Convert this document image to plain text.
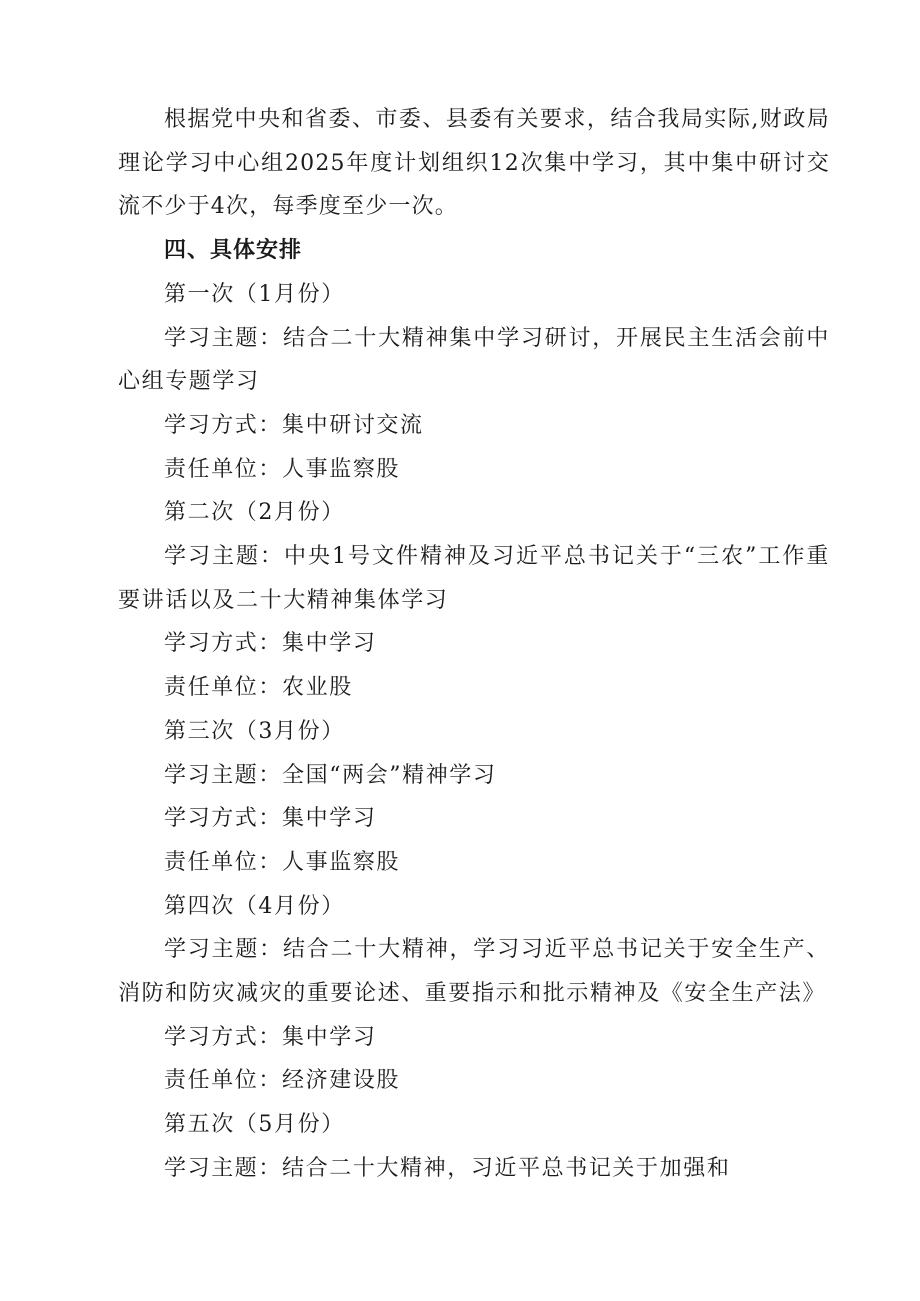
根据党中央和省委、市委、县委有关要求，结合我局实际,财政局理论学习中心组2025年度计划组织12次集中学习，其中集中研讨交流不少于4次，每季度至少一次。

四、具体安排

第一次（1月份）

学习主题：结合二十大精神集中学习研讨，开展民主生活会前中心组专题学习

学习方式：集中研讨交流

责任单位：人事监察股

第二次（2月份）

学习主题：中央1号文件精神及习近平总书记关于“三农”工作重要讲话以及二十大精神集体学习

学习方式：集中学习

责任单位：农业股

第三次（3月份）

学习主题：全国“两会”精神学习

学习方式：集中学习

责任单位：人事监察股

第四次（4月份）

学习主题：结合二十大精神，学习习近平总书记关于安全生产、消防和防灾减灾的重要论述、重要指示和批示精神及《安全生产法》

学习方式：集中学习

责任单位：经济建设股

第五次（5月份）

学习主题：结合二十大精神，习近平总书记关于加强和
